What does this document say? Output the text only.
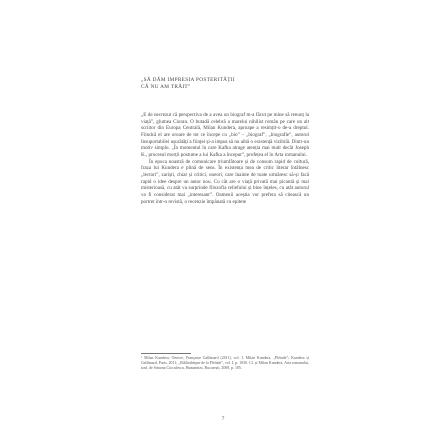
„SĂ DĂM IMPRESIA POSTERITĂȚII
CĂ NU AM TRĂIT”

„E de necrezut că perspectiva de a avea un biograf m-a făcut pe mine să renunț la viață”, glumea Cioran. O butadă celebră a marelui nihilist român pe care un alt scriitor din Europa Centrală, Milan Kundera, aproape a resimțit-o de-a dreptul. Fiindcă el are oroare de tot ce începe cu „bio” – „biograf”, „biografie”, autorul Insuportabilei ușurătăți a ființei și-a impus să nu aibă o existență vizibilă. Dintr-un motiv simplu. „În momentul în care Kafka atrage atenția mai mult decât Joseph K., procesul morții postume a lui Kafka a început”, profețea el în Arta romanului.

În epoca noastră de comunicare triumfătoare și de consum rapid de cultură, fraza lui Kundera e plină de sens. În existența mea de critic literar întâlnesc „lectori”, zariști, chiar și critici, uneori, care înainte de toate urmăresc să-și facă rapid o idee despre un autor nou. Cu cât are o viață privată mai picantă și mai misterioasă, cu atât va surprinde filozofia reliefului și bine înțeles, cu atât autorul va fi considerat mai „interesant”. Oamenii aceștia vor prefera să citească un portret într-o revistă, o recenzie împânată cu epitete

¹ Milan Kundera, Oeuvre, Française Gallimard (2011), vol. I, Milan Kundera, „Pléiade”; Kundera și Gallimard, Paris, 2011; „Bibliothèque de la Pléiade”, vol. I, p. 1030. Cf. și Milan Kundera, Arta romanului, trad. de Simona Cioculescu, Humanitas, București, 2008, p. 185.

7
